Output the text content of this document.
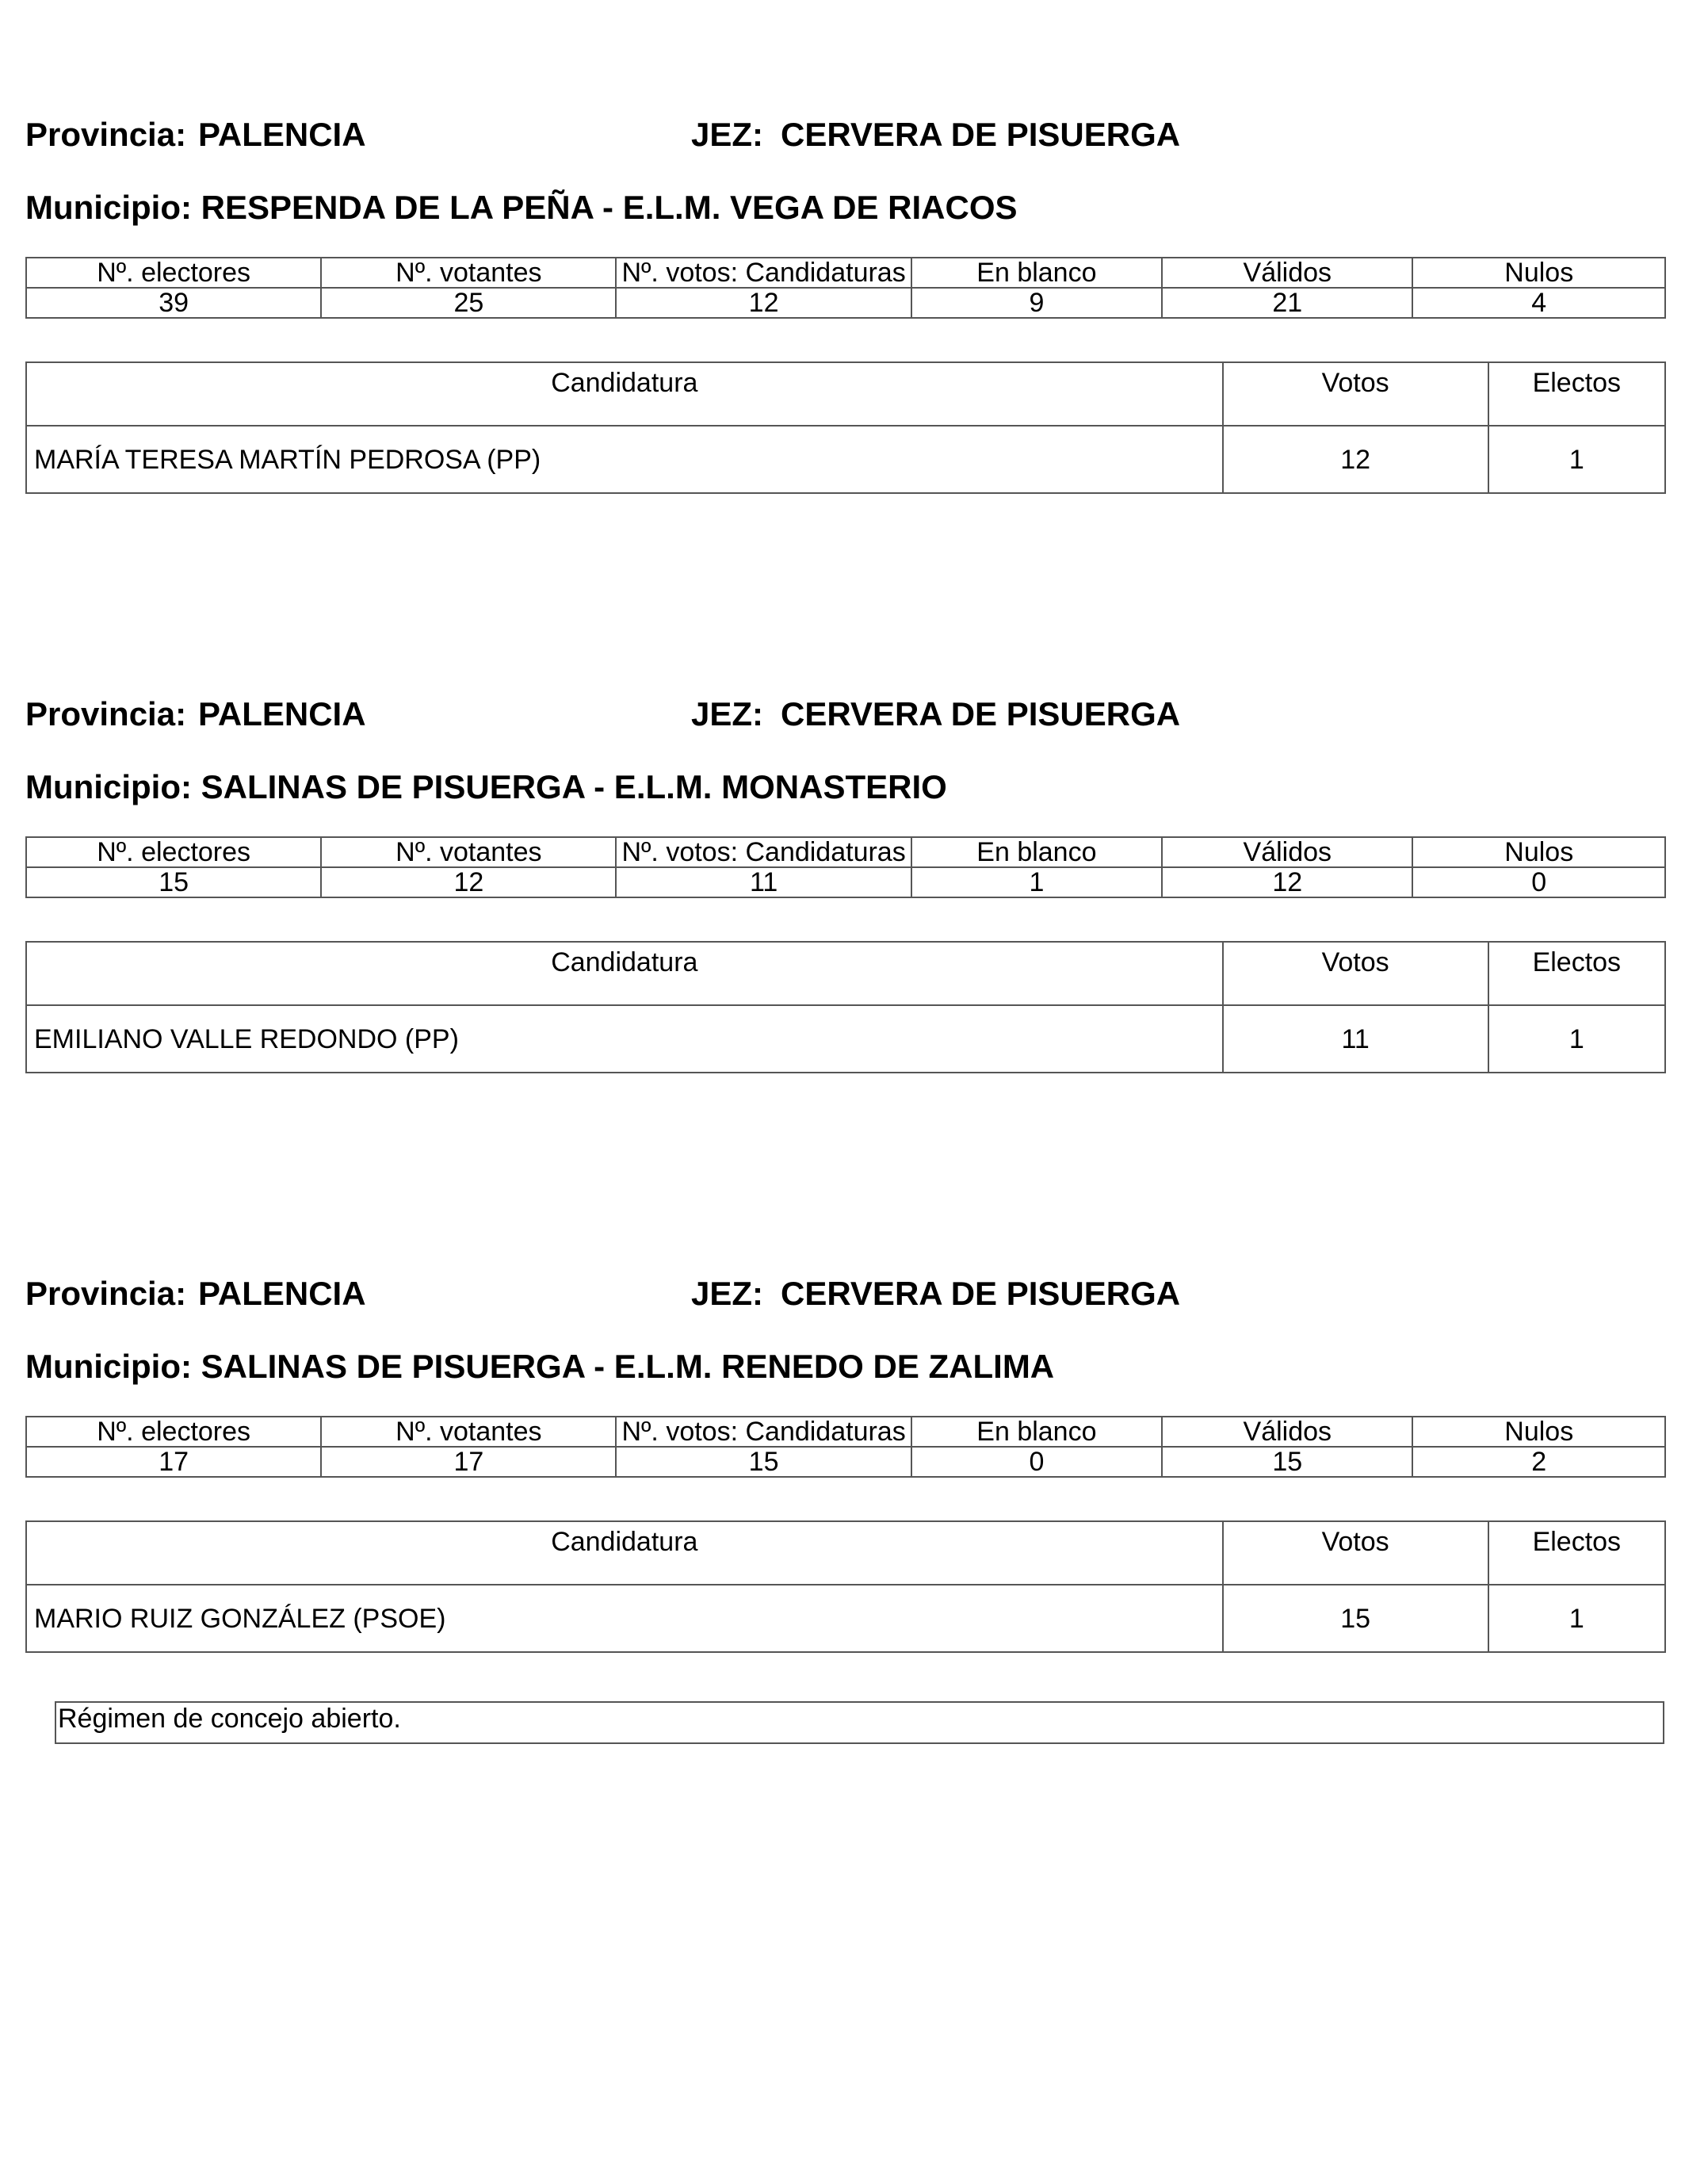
Provincia: PALENCIA	JEZ: CERVERA DE PISUERGA
Municipio: RESPENDA DE LA PEÑA - E.L.M. VEGA DE RIACOS
Nº. electores	Nº. votantes	Nº. votos: Candidaturas	En blanco	Válidos	Nulos
39	25	12	9	21	4
Candidatura	Votos	Electos
MARÍA TERESA MARTÍN PEDROSA (PP)	12	1
Provincia: PALENCIA	JEZ: CERVERA DE PISUERGA
Municipio: SALINAS DE PISUERGA - E.L.M. MONASTERIO
Nº. electores	Nº. votantes	Nº. votos: Candidaturas	En blanco	Válidos	Nulos
15	12	11	1	12	0
Candidatura	Votos	Electos
EMILIANO VALLE REDONDO (PP)	11	1
Provincia: PALENCIA	JEZ: CERVERA DE PISUERGA
Municipio: SALINAS DE PISUERGA - E.L.M. RENEDO DE ZALIMA
Nº. electores	Nº. votantes	Nº. votos: Candidaturas	En blanco	Válidos	Nulos
17	17	15	0	15	2
Candidatura	Votos	Electos
MARIO RUIZ GONZÁLEZ (PSOE)	15	1
Régimen de concejo abierto.
